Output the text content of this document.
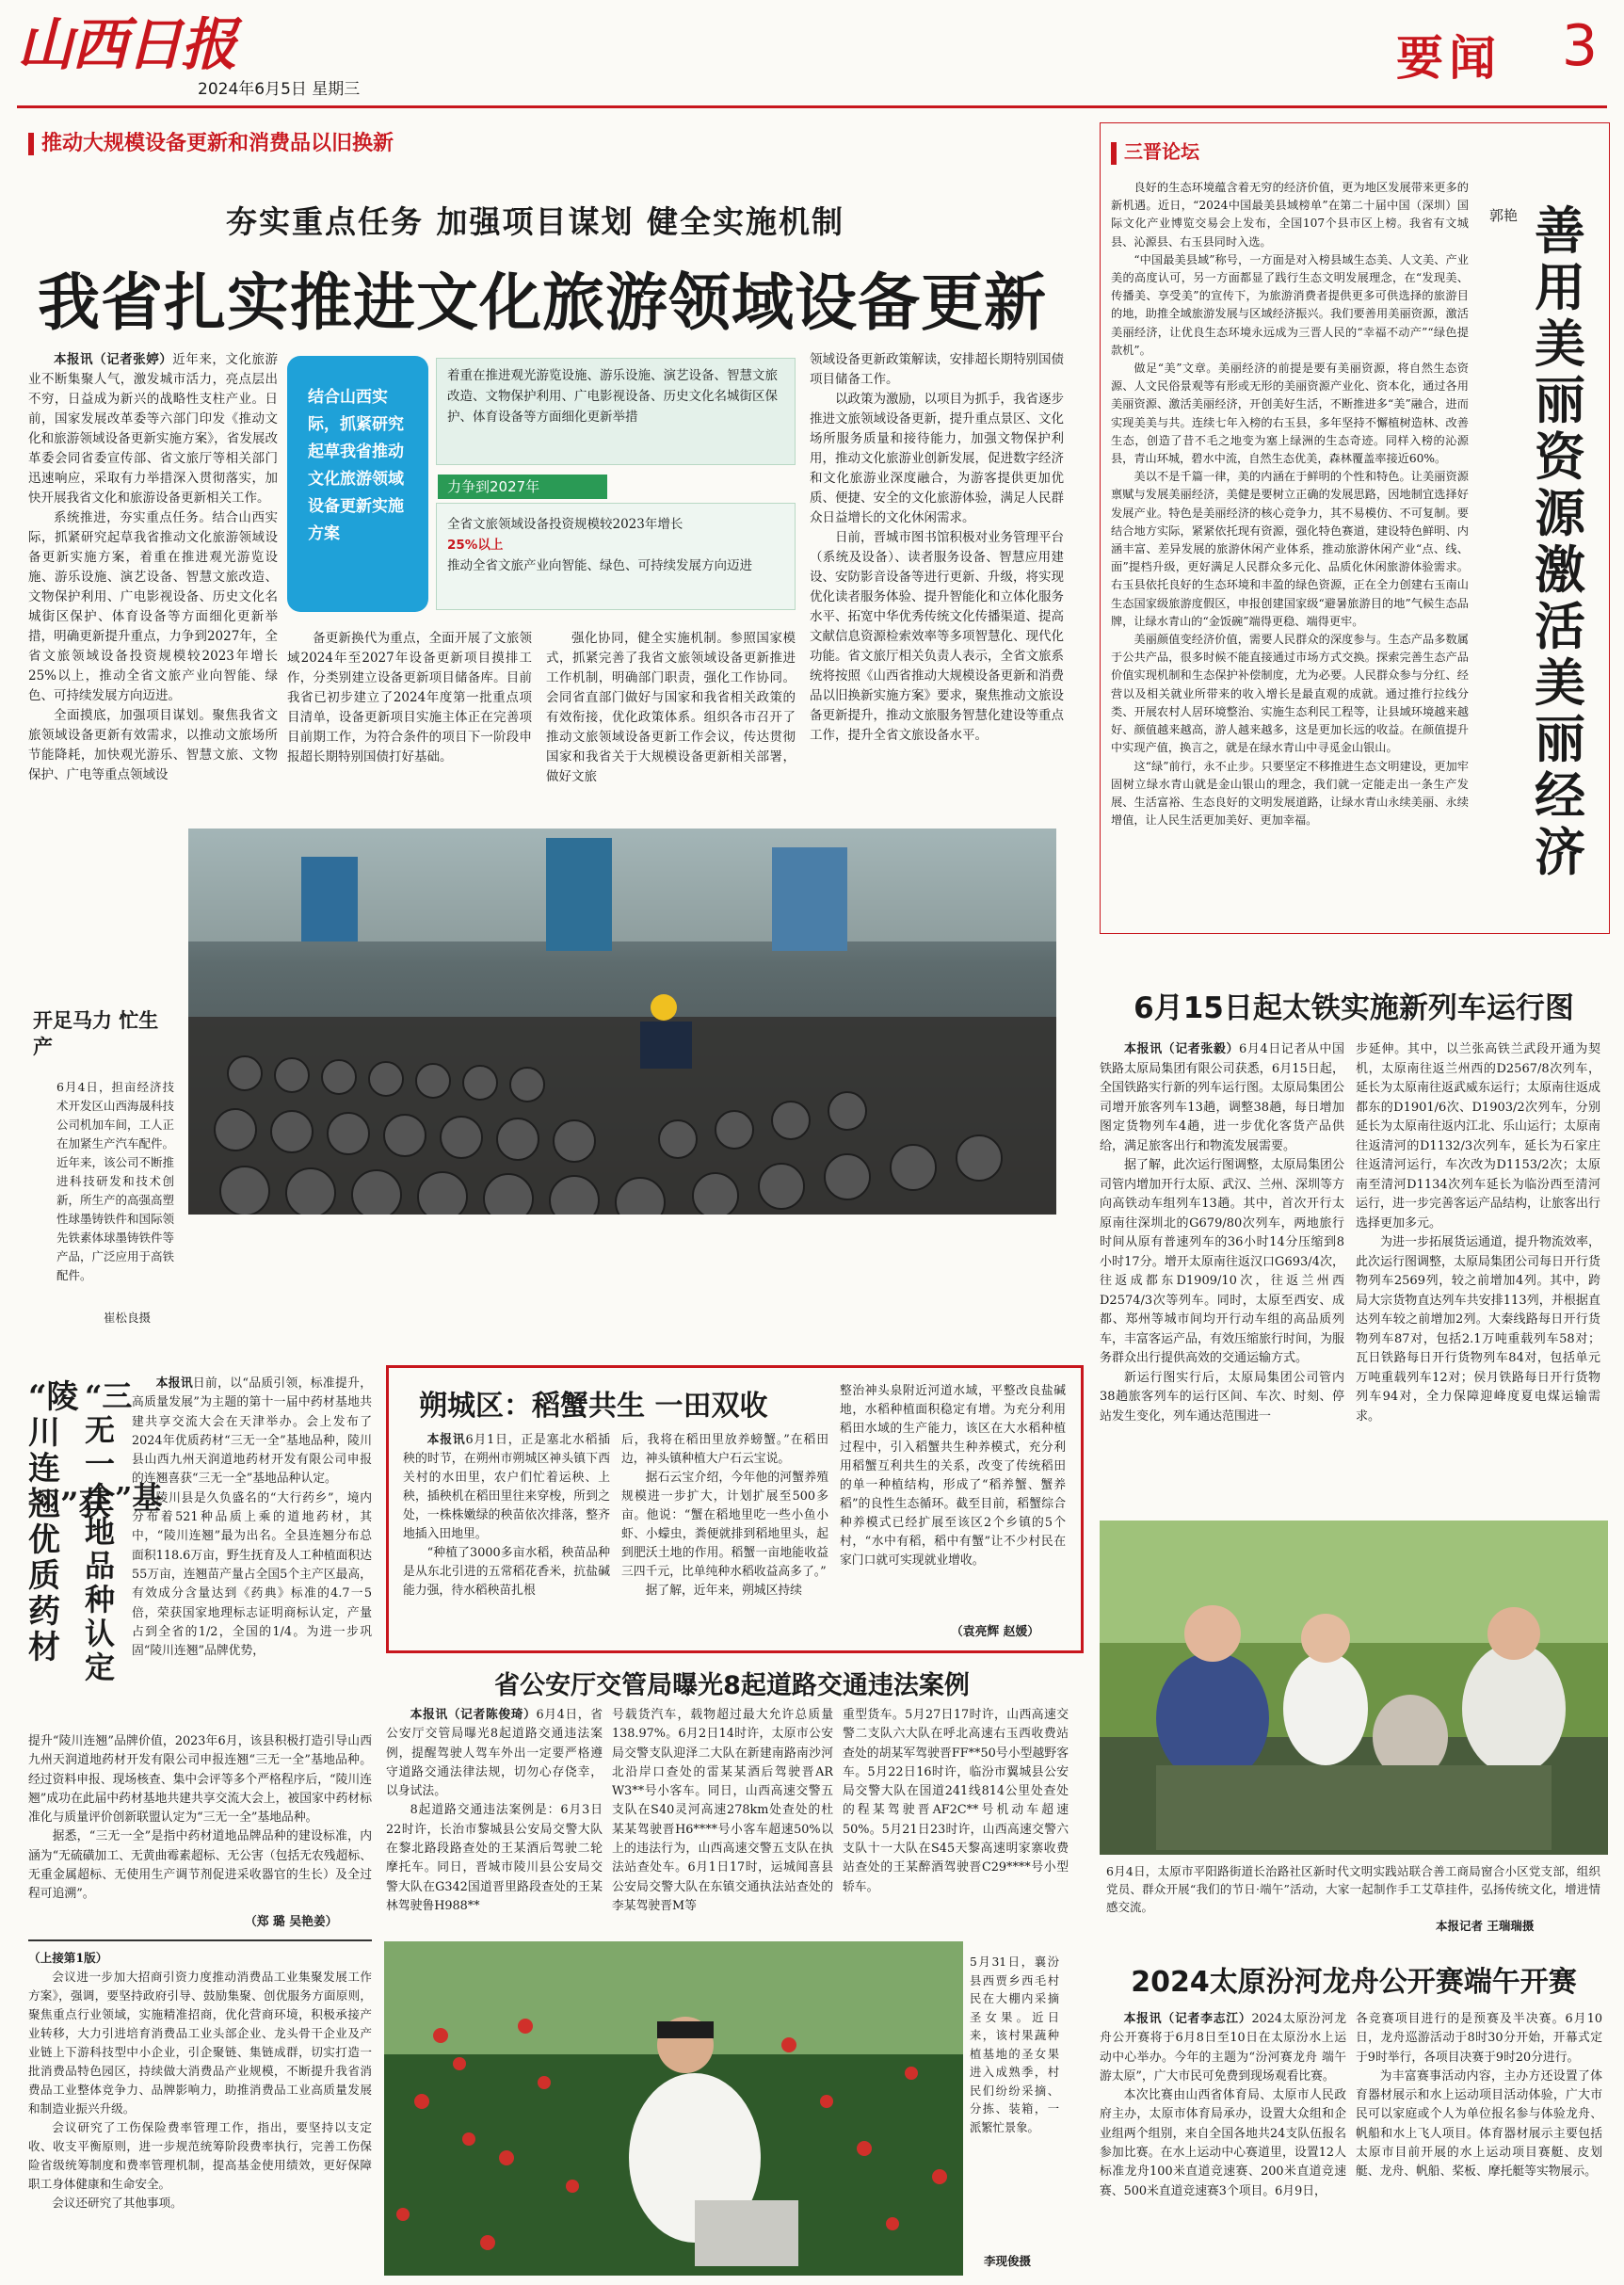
山西日报
2024年6月5日 星期三
要闻 3
推动大规模设备更新和消费品以旧换新
夯实重点任务 加强项目谋划 健全实施机制
我省扎实推进文化旅游领域设备更新

本报讯（记者张婷）近年来，文化旅游业不断集聚人气，激发城市活力，亮点层出不穷，日益成为新兴的战略性支柱产业。日前，国家发展改革委等六部门印发《推动文化和旅游领域设备更新实施方案》，省发展改革委会同省委宣传部、省文旅厅等相关部门迅速响应，采取有力举措深入贯彻落实，加快开展我省文化和旅游设备更新相关工作。

系统推进，夯实重点任务。结合山西实际，抓紧研究起草我省推动文化旅游领域设备更新实施方案，着重在推进观光游览设施、游乐设施、演艺设备、智慧文旅改造、文物保护利用、广电影视设备、历史文化名城街区保护、体育设备等方面细化更新举措，明确更新提升重点，力争到2027年，全省文旅领域设备投资规模较2023年增长25%以上，推动全省文旅产业向智能、绿色、可持续发展方向迈进。

全面摸底，加强项目谋划。聚焦我省文旅领域设备更新有效需求，以推动文旅场所节能降耗，加快观光游乐、智慧文旅、文物保护、广电等重点领域设

结合山西实际，抓紧研究起草我省推动文化旅游领域设备更新实施方案
着重在推进观光游览设施、游乐设施、演艺设备、智慧文旅改造、文物保护利用、广电影视设备、历史文化名城街区保护、体育设备等方面细化更新举措
力争到2027年
全省文旅领域设备投资规模较2023年增长
25%以上
推动全省文旅产业向智能、绿色、可持续发展方向迈进

备更新换代为重点，全面开展了文旅领域2024年至2027年设备更新项目摸排工作，分类别建立设备更新项目储备库。目前我省已初步建立了2024年度第一批重点项目清单，设备更新项目实施主体正在完善项目前期工作，为符合条件的项目下一阶段申报超长期特别国债打好基础。

强化协同，健全实施机制。参照国家模式，抓紧完善了我省文旅领域设备更新推进工作机制，明确部门职责，强化工作协同。会同省直部门做好与国家和我省相关政策的有效衔接，优化政策体系。组织各市召开了推动文旅领域设备更新工作会议，传达贯彻国家和我省关于大规模设备更新相关部署，做好文旅

领域设备更新政策解读，安排超长期特别国债项目储备工作。

以政策为激励，以项目为抓手，我省逐步推进文旅领域设备更新，提升重点景区、文化场所服务质量和接待能力，加强文物保护利用，推动文化旅游业创新发展，促进数字经济和文化旅游业深度融合，为游客提供更加优质、便捷、安全的文化旅游体验，满足人民群众日益增长的文化休闲需求。

日前，晋城市图书馆积极对业务管理平台（系统及设备）、读者服务设备、智慧应用建设、安防影音设备等进行更新、升级，将实现优化读者服务体验、提升智能化和立体化服务水平、拓宽中华优秀传统文化传播渠道、提高文献信息资源检索效率等多项智慧化、现代化功能。省文旅厅相关负责人表示，全省文旅系统将按照《山西省推动大规模设备更新和消费品以旧换新实施方案》要求，聚焦推动文旅设备更新提升，推动文旅服务智慧化建设等重点工作，提升全省文旅设备水平。

三晋论坛

良好的生态环境蕴含着无穷的经济价值，更为地区发展带来更多的新机遇。近日，“2024中国最美县域榜单”在第二十届中国（深圳）国际文化产业博览交易会上发布，全国107个县市区上榜。我省有文城县、沁源县、右玉县同时入选。

“中国最美县域”称号，一方面是对入榜县域生态美、人文美、产业美的高度认可，另一方面都显了践行生态文明发展理念，在“发现美、传播美、享受美”的宣传下，为旅游消费者提供更多可供选择的旅游目的地，助推全域旅游发展与区域经济振兴。我们要善用美丽资源，激活美丽经济，让优良生态环境永远成为三晋人民的“幸福不动产”“绿色提款机”。

做足“美”文章。美丽经济的前提是要有美丽资源，将自然生态资源、人文民俗景观等有形或无形的美丽资源产业化、资本化，通过各用美丽资源、激活美丽经济，开创美好生活，不断推进多“美”融合，进而实现美美与共。连续七年入榜的右玉县，多年坚持不懈植树造林、改善生态，创造了昔不毛之地变为塞上绿洲的生态奇迹。同样入榜的沁源县，青山环城，碧水中流，自然生态优美，森林覆盖率接近60%。

美以不是千篇一律，美的内涵在于鲜明的个性和特色。让美丽资源禀赋与发展美丽经济，美健是要树立正确的发展思路，因地制宜选择好发展产业。特色是美丽经济的核心竞争力，其不易模仿、不可复制。要结合地方实际，紧紧依托现有资源，强化特色赛道，建设特色鲜明、内涵丰富、差异发展的旅游休闲产业体系，推动旅游休闲产业“点、线、面”提档升级，更好满足人民群众多元化、品质化休闲旅游体验需求。右玉县依托良好的生态环境和丰盈的绿色资源，正在全力创建右玉南山生态国家级旅游度假区，申报创建国家级“避暑旅游目的地”气候生态品牌，让绿水青山的“金饭碗”端得更稳、端得更牢。

美丽颜值变经济价值，需要人民群众的深度参与。生态产品多数属于公共产品，很多时候不能直接通过市场方式交换。探索完善生态产品价值实现机制和生态保护补偿制度，尤为必要。人民群众参与分红、经营以及相关就业所带来的收入增长是最直观的成就。通过推行拉线分类、开展农村人居环境整治、实施生态利民工程等，让县域环境越来越好、颜值越来越高，游人越来越多，这是更加长远的收益。在颜值提升中实现产值，换言之，就是在绿水青山中寻觅金山银山。

这“绿”前行，永不止步。只要坚定不移推进生态文明建设，更加牢固树立绿水青山就是金山银山的理念，我们就一定能走出一条生产发展、生活富裕、生态良好的文明发展道路，让绿水青山永续美丽、永续增值，让人民生活更加美好、更加幸福。

郭艳 善用美丽资源 激活美丽经济
开足马力 忙生产
6月4日，担亩经济技术开发区山西海晟科技公司机加车间，工人正在加紧生产汽车配件。近年来，该公司不断推进科技研发和技术创新，所生产的高强高塑性球墨铸铁件和国际领先铁素体球墨铸铁件等产品，广泛应用于高铁配件。
崔松良摄
6月15日起太铁实施新列车运行图

本报讯（记者张毅）6月4日记者从中国铁路太原局集团有限公司获悉，6月15日起，全国铁路实行新的列车运行图。太原局集团公司增开旅客列车13趟，调整38趟，每日增加图定货物列车4趟，进一步优化客货产品供给，满足旅客出行和物流发展需要。

据了解，此次运行图调整，太原局集团公司管内增加开行太原、武汉、兰州、深圳等方向高铁动车组列车13趟。其中，首次开行太原南往深圳北的G679/80次列车，两地旅行时间从原有普速列车的36小时14分压缩到8小时17分。增开太原南往返汉口G693/4次，往返成都东D1909/10次，往返兰州西D2574/3次等列车。同时，太原至西安、成都、郑州等城市间均开行动车组的高品质列车，丰富客运产品，有效压缩旅行时间，为服务群众出行提供高效的交通运输方式。

新运行图实行后，太原局集团公司管内38趟旅客列车的运行区间、车次、时刻、停站发生变化，列车通达范围进一

步延伸。其中，以兰张高铁兰武段开通为契机，太原南往返兰州西的D2567/8次列车，延长为太原南往返武威东运行；太原南往返成都东的D1901/6次、D1903/2次列车，分别延长为太原南往返内江北、乐山运行；太原南往返清河的D1132/3次列车，延长为石家庄往返清河运行，车次改为D1153/2次；太原南至清河D1134次列车延长为临汾西至清河运行，进一步完善客运产品结构，让旅客出行选择更加多元。

为进一步拓展货运通道，提升物流效率，此次运行图调整，太原局集团公司每日开行货物列车2569列，较之前增加4列。其中，跨局大宗货物直达列车共安排113列，并根据直达列车较之前增加2列。大秦线路每日开行货物列车87对，包括2.1万吨重载列车58对；瓦日铁路每日开行货物列车84对，包括单元万吨重载列车12对；侯月铁路每日开行货物列车94对，全力保障迎峰度夏电煤运输需求。

6月4日，太原市平阳路街道长治路社区新时代文明实践站联合善工商局窗合小区党支部，组织党员、群众开展“我们的节日·端午”活动，大家一起制作手工艾草挂件，弘扬传统文化，增进情感交流。
本报记者 王瑞瑞摄
2024太原汾河龙舟公开赛端午开赛

本报讯（记者李志江）2024太原汾河龙舟公开赛将于6月8日至10日在太原汾水上运动中心举办。今年的主题为“汾河赛龙舟 端午游太原”，广大市民可免费到现场观看比赛。

本次比赛由山西省体育局、太原市人民政府主办，太原市体育局承办，设置大众组和企业组两个组别，来自全国各地共24支队伍报名参加比赛。在水上运动中心赛道里，设置12人标准龙舟100米直道竞速赛、200米直道竞速赛、500米直道竞速赛3个项目。6月9日，

各竞赛项目进行的是预赛及半决赛。6月10日，龙舟巡游活动于8时30分开始，开幕式定于9时举行，各项目决赛于9时20分进行。

为丰富赛事活动内容，主办方还设置了体育器材展示和水上运动项目活动体验，广大市民可以家庭或个人为单位报名参与体验龙舟、帆船和水上飞人项目。体育器材展示主要包括太原市目前开展的水上运动项目赛艇、皮划艇、龙舟、帆船、桨板、摩托艇等实物展示。

朔城区：稻蟹共生 一田双收

本报讯6月1日，正是塞北水稻插秧的时节，在朔州市朔城区神头镇下西关村的水田里，农户们忙着运秧、上秧，插秧机在稻田里往来穿梭，所到之处，一株株嫩绿的秧苗依次排落，整齐地插入田地里。

“种植了3000多亩水稻，秧苗品种是从东北引进的五常稻花香米，抗盐碱能力强，待水稻秧苗扎根

后，我将在稻田里放养螃蟹。”在稻田边，神头镇种植大户石云宝说。

据石云宝介绍，今年他的河蟹养殖规模进一步扩大，计划扩展至500多亩。他说：“蟹在稻地里吃一些小鱼小虾、小蠓虫，粪便就排到稻地里头，起到肥沃土地的作用。稻蟹一亩地能收益三四千元，比单纯种水稻收益高多了。”

据了解，近年来，朔城区持续

整治神头泉附近河道水域，平整改良盐碱地，水稻种植面积稳定有增。为充分利用稻田水域的生产能力，该区在大水稻种植过程中，引入稻蟹共生种养模式，充分利用稻蟹互利共生的关系，改变了传统稻田的单一种植结构，形成了“稻养蟹、蟹养稻”的良性生态循环。截至目前，稻蟹综合种养模式已经扩展至该区2个乡镇的5个村，“水中有稻，稻中有蟹”让不少村民在家门口就可实现就业增收。

（袁亮辉 赵媛）
“陵川连翘”获优质药材
“三无一全”基地品种认定

本报讯日前，以“品质引领，标准提升，高质量发展”为主题的第十一届中药材基地共建共享交流大会在天津举办。会上发布了2024年优质药材“三无一全”基地品种，陵川县山西九州天润道地药材开发有限公司申报的连翘喜获“三无一全”基地品种认定。

陵川县是久负盛名的“大行药乡”，境内分布着521种品质上乘的道地药材，其中，“陵川连翘”最为出名。全县连翘分布总面积118.6万亩，野生抚育及人工种植面积达55万亩，连翘苗产量占全国5个主产区最高，有效成分含量达到《药典》标准的4.7一5倍，荣获国家地理标志证明商标认定，产量占到全省的1/2，全国的1/4。为进一步巩固“陵川连翘”品牌优势，

提升“陵川连翘”品牌价值，2023年6月，该县积极打造引导山西九州天润道地药材开发有限公司申报连翘“三无一全”基地品种。经过资料申报、现场核查、集中会评等多个严格程序后，“陵川连翘”成功在此届中药材基地共建共享交流大会上，被国家中药材标准化与质量评价创新联盟认定为“三无一全”基地品种。

据悉，“三无一全”是指中药材道地品牌品种的建设标准，内涵为“无硫磺加工、无黄曲霉素超标、无公害（包括无农残超标、无重金属超标、无使用生产调节剂促进采收器官的生长）及全过程可追溯”。

（郑 璐 吴艳姜）
省公安厅交管局曝光8起道路交通违法案例

本报讯（记者陈俊琦）6月4日，省公安厅交管局曝光8起道路交通违法案例，提醒驾驶人驾车外出一定要严格遵守道路交通法律法规，切勿心存侥幸，以身试法。

8起道路交通违法案例是：6月3日22时许，长治市黎城县公安局交警大队在黎北路段路查处的王某酒后驾驶二轮摩托车。同日，晋城市陵川县公安局交警大队在G342国道晋里路段查处的王某林驾驶鲁H988**

号载货汽车，载物超过最大允许总质量138.97%。6月2日14时许，太原市公安局交警支队迎泽二大队在新建南路南沙河北沿岸口查处的雷某某酒后驾驶晋AR W3**号小客车。同日，山西高速交警五支队在S40灵河高速278km处查处的杜某某驾驶晋H6****号小客车超速50%以上的违法行为，山西高速交警五支队在执法站查处车。6月1日17时，运城闻喜县公安局交警大队在东镇交通执法站查处的李某驾驶晋M等

重型货车。5月27日17时许，山西高速交警二支队六大队在呼北高速右玉西收费站查处的胡某军驾驶晋FF**50号小型越野客车。5月22日16时许，临汾市翼城县公安局交警大队在国道241线814公里处查处的程某驾驶晋AF2C**号机动车超速50%。5月21日23时许，山西高速交警六支队十一大队在S45天黎高速明家寨收费站查处的王某醉酒驾驶晋C29****号小型轿车。

（上接第1版）

会议进一步加大招商引资力度推动消费品工业集聚发展工作方案》，强调，要坚持政府引导、鼓励集聚、创优服务方面原则，聚焦重点行业领域，实施精准招商，优化营商环境，积极承接产业转移，大力引进培育消费品工业头部企业、龙头骨干企业及产业链上下游科技型中小企业，引企聚链、集链成群，切实打造一批消费品特色园区，持续做大消费品产业规模，不断提升我省消费品工业整体竞争力、品牌影响力，助推消费品工业高质量发展和制造业振兴升级。

会议研究了工伤保险费率管理工作，指出，要坚持以支定收、收支平衡原则，进一步规范统筹阶段费率执行，完善工伤保险省级统筹制度和费率管理机制，提高基金使用绩效，更好保障职工身体健康和生命安全。

会议还研究了其他事项。

5月31日，襄汾县西贾乡西毛村民在大棚内采摘圣女果。近日来，该村果蔬种植基地的圣女果进入成熟季，村民们纷纷采摘、分拣、装箱，一派繁忙景象。
李现俊摄
